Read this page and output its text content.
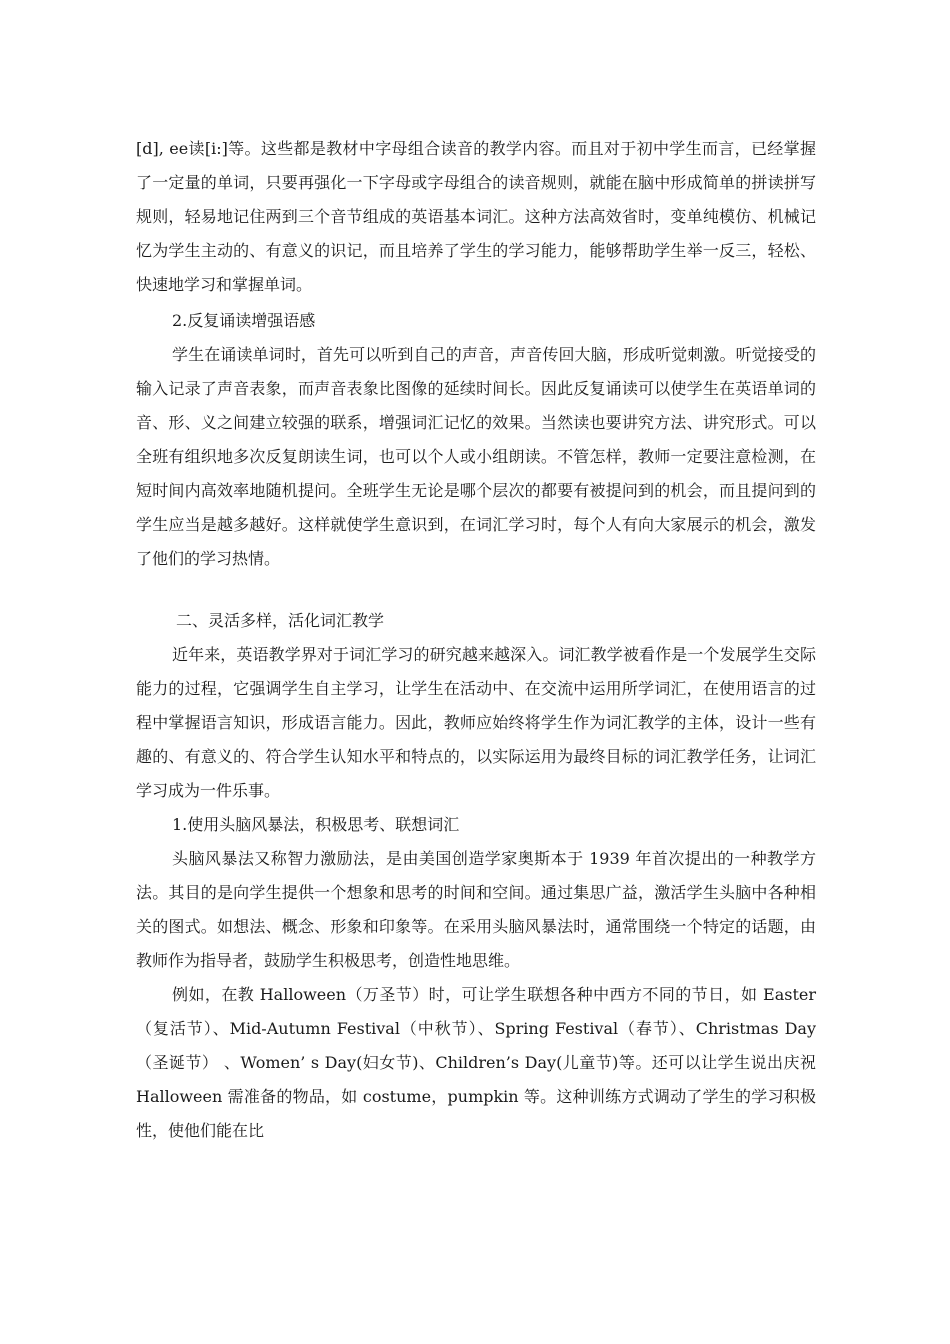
[d], ee读[i:]等。这些都是教材中字母组合读音的教学内容。而且对于初中学生而言，已经掌握了一定量的单词，只要再强化一下字母或字母组合的读音规则，就能在脑中形成简单的拼读拼写规则，轻易地记住两到三个音节组成的英语基本词汇。这种方法高效省时，变单纯模仿、机械记忆为学生主动的、有意义的识记，而且培养了学生的学习能力，能够帮助学生举一反三，轻松、快速地学习和掌握单词。

2.反复诵读增强语感

学生在诵读单词时，首先可以听到自己的声音，声音传回大脑，形成听觉刺激。听觉接受的输入记录了声音表象，而声音表象比图像的延续时间长。因此反复诵读可以使学生在英语单词的音、形、义之间建立较强的联系，增强词汇记忆的效果。当然读也要讲究方法、讲究形式。可以全班有组织地多次反复朗读生词，也可以个人或小组朗读。不管怎样，教师一定要注意检测，在短时间内高效率地随机提问。全班学生无论是哪个层次的都要有被提问到的机会，而且提问到的学生应当是越多越好。这样就使学生意识到，在词汇学习时，每个人有向大家展示的机会，激发了他们的学习热情。

二、灵活多样，活化词汇教学

近年来，英语教学界对于词汇学习的研究越来越深入。词汇教学被看作是一个发展学生交际能力的过程，它强调学生自主学习，让学生在活动中、在交流中运用所学词汇，在使用语言的过程中掌握语言知识，形成语言能力。因此，教师应始终将学生作为词汇教学的主体，设计一些有趣的、有意义的、符合学生认知水平和特点的，以实际运用为最终目标的词汇教学任务，让词汇学习成为一件乐事。

1.使用头脑风暴法，积极思考、联想词汇

头脑风暴法又称智力激励法，是由美国创造学家奥斯本于 1939 年首次提出的一种教学方法。其目的是向学生提供一个想象和思考的时间和空间。通过集思广益，激活学生头脑中各种相关的图式。如想法、概念、形象和印象等。在采用头脑风暴法时，通常围绕一个特定的话题，由教师作为指导者，鼓励学生积极思考，创造性地思维。

例如，在教 Halloween（万圣节）时，可让学生联想各种中西方不同的节日，如 Easter（复活节）、Mid-Autumn Festival（中秋节）、Spring Festival（春节）、Christmas Day（圣诞节） 、Women’ s Day(妇女节)、Children’s Day(儿童节)等。还可以让学生说出庆祝 Halloween 需准备的物品，如 costume，pumpkin 等。这种训练方式调动了学生的学习积极性，使他们能在比
